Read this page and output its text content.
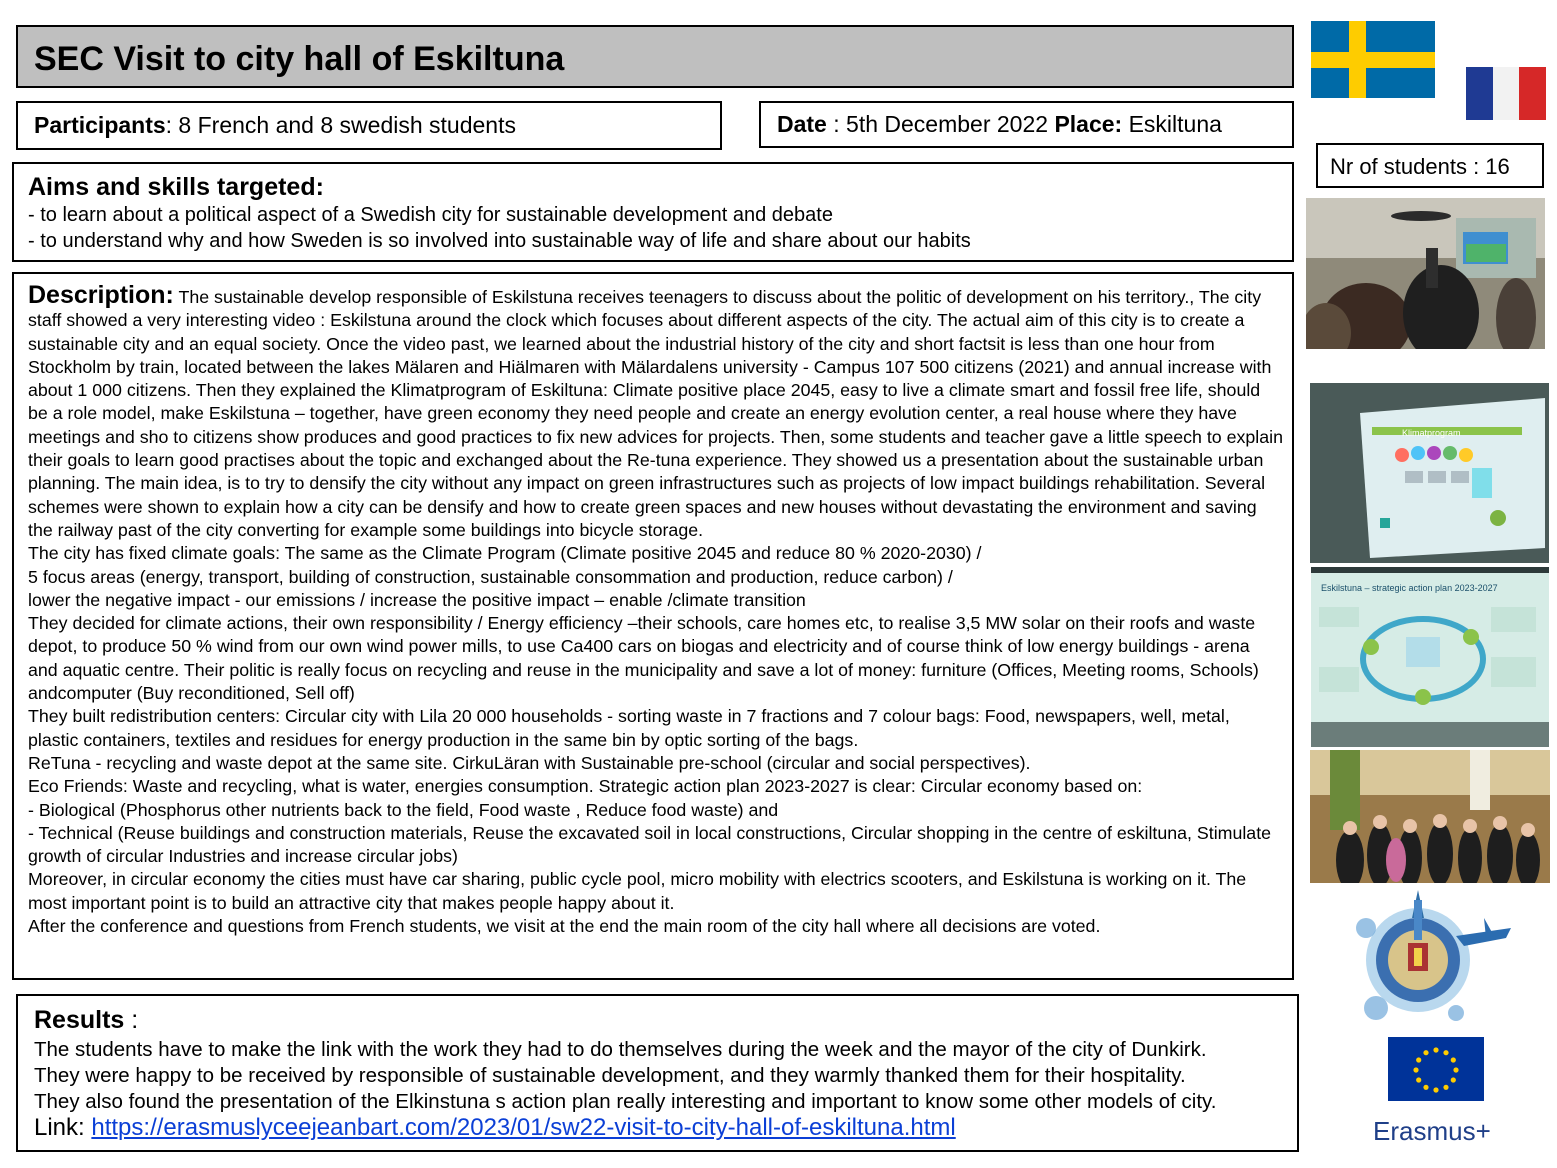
SEC Visit to city hall of Eskiltuna
Participants: 8 French and 8 swedish students	Date : 5th December 2022 Place: Eskiltuna
Aims and skills targeted:
- to learn about a political aspect of a Swedish city for sustainable development and debate
- to understand why and how Sweden is so involved into sustainable way of life and share about our habits
Description: The sustainable develop responsible of Eskilstuna receives teenagers to discuss about the politic of development on his territory., The city staff showed a very interesting video : Eskilstuna around the clock which focuses about different aspects of the city. The actual aim of this city is to create a sustainable city and an equal society. Once the video past, we learned about the industrial history of the city and short factsit is less than one hour from Stockholm by train, located between the lakes Mälaren and Hiälmaren with Mälardalens university - Campus 107 500 citizens (2021) and annual increase with about 1 000 citizens. Then they explained the Klimatprogram of Eskiltuna: Climate positive place 2045, easy to live a climate smart and fossil free life, should be a role model, make Eskilstuna – together, have green economy they need people and create an energy evolution center, a real house where they have meetings and sho to citizens show produces and good practices to fix new advices for projects. Then, some students and teacher gave a little speech to explain their goals to learn good practises about the topic and exchanged about the Re-tuna experience. They showed us a presentation about the sustainable urban planning. The main idea, is to try to densify the city without any impact on green infrastructures such as projects of low impact buildings rehabilitation. Several schemes were shown to explain how a city can be densify and how to create green spaces and new houses without devastating the environment and saving the railway past of the city converting for example some buildings into bicycle storage.
The city has fixed climate goals: The same as the Climate Program (Climate positive 2045 and reduce 80 % 2020-2030) /
5 focus areas (energy, transport, building of construction, sustainable consommation and production, reduce carbon) /
lower the negative impact - our emissions / increase the positive impact – enable /climate transition
They decided for climate actions, their own responsibility / Energy efficiency –their schools, care homes etc, to realise 3,5 MW solar on their roofs and waste depot, to produce 50 % wind from our own wind power mills, to use Ca400 cars on biogas and electricity and of course think of low energy buildings - arena and aquatic centre. Their politic is really focus on recycling and reuse in the municipality and save a lot of money: furniture (Offices, Meeting rooms, Schools) andcomputer (Buy reconditioned, Sell off)
They built redistribution centers: Circular city with Lila 20 000 households - sorting waste in 7 fractions and 7 colour bags: Food, newspapers, well, metal, plastic containers, textiles and residues for energy production in the same bin by optic sorting of the bags.
ReTuna - recycling and waste depot at the same site. CirkuLäran with Sustainable pre-school (circular and social perspectives).
Eco Friends: Waste and recycling, what is water, energies consumption. Strategic action plan 2023-2027 is clear: Circular economy based on:
- Biological (Phosphorus other nutrients back to the field, Food waste , Reduce food waste) and
- Technical (Reuse buildings and construction materials, Reuse the excavated soil in local constructions, Circular shopping in the centre of eskiltuna, Stimulate growth of circular Industries and increase circular jobs)
Moreover, in circular economy the cities must have car sharing, public cycle pool, micro mobility with electrics scooters, and Eskilstuna is working on it. The most important point is to build an attractive city that makes people happy about it.
After the conference and questions from French students, we visit at the end the main room of the city hall where all decisions are voted.
Results :
The students have to make the link with the work they had to do themselves during the week and the mayor of the city of Dunkirk.
They were happy to be received by responsible of sustainable development, and they warmly thanked them for their hospitality.
They also found the presentation of the Elkinstuna s action plan really interesting and important to know some other models of city.
Link: https://erasmuslyceejeanbart.com/2023/01/sw22-visit-to-city-hall-of-eskiltuna.html
Nr of students : 16
Klimatprogram
Eskilstuna – strategic action plan 2023-2027
Erasmus+
